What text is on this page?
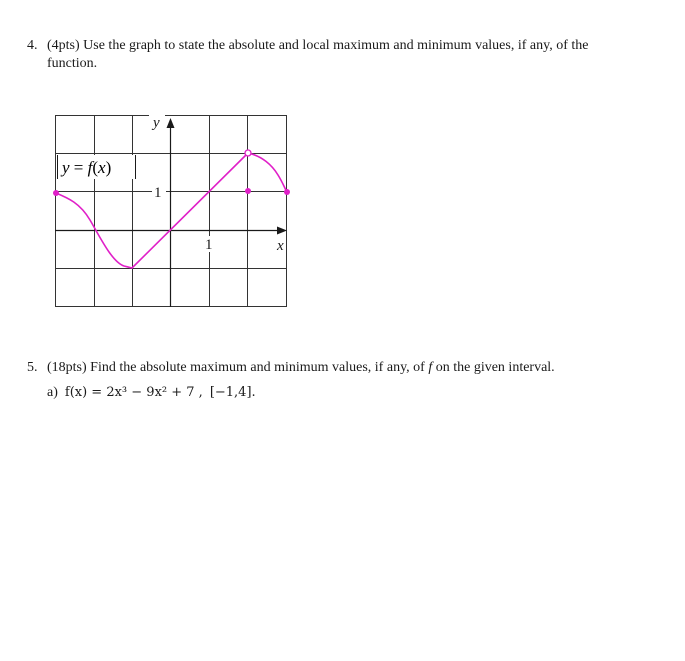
4. (4pts) Use the graph to state the absolute and local maximum and minimum values, if any, of the
function.
y
x
1
1
y = f(x)
5. (18pts) Find the absolute maximum and minimum values, if any, of f on the given interval.
a) f(x) = 2x³ − 9x² + 7 , [−1,4].
